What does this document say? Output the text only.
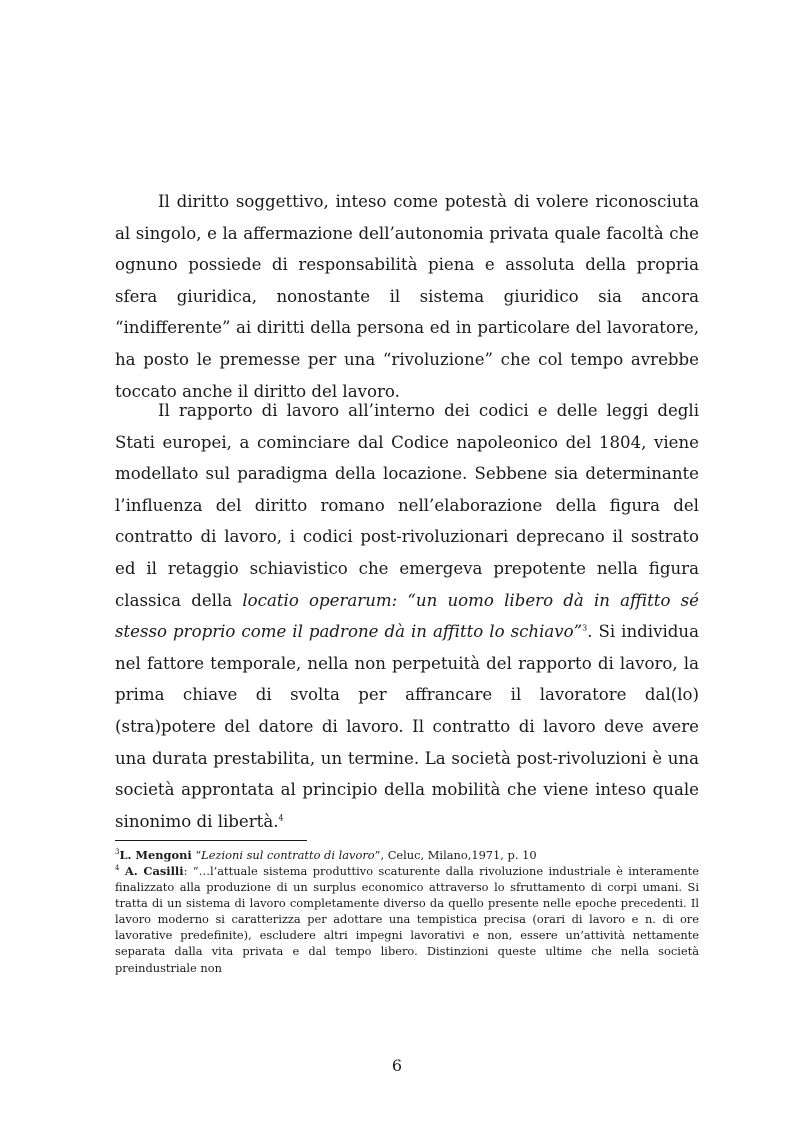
Il diritto soggettivo, inteso come potestà di volere riconosciuta al singolo, e la affermazione dell’autonomia privata quale facoltà che ognuno possiede di responsabilità piena e assoluta della propria sfera giuridica, nonostante il sistema giuridico sia ancora “indifferente” ai diritti della persona ed in particolare del lavoratore, ha posto le premesse per una “rivoluzione” che col tempo avrebbe toccato anche il diritto del lavoro.

Il rapporto di lavoro all’interno dei codici e delle leggi degli Stati europei, a cominciare dal Codice napoleonico del 1804, viene modellato sul paradigma della locazione. Sebbene sia determinante l’influenza del diritto romano nell’elaborazione della figura del contratto di lavoro, i codici post-rivoluzionari deprecano il sostrato ed il retaggio schiavistico che emergeva prepotente nella figura classica della locatio operarum: “un uomo libero dà in affitto sé stesso proprio come il padrone dà in affitto lo schiavo”$^3$. Si individua nel fattore temporale, nella non perpetuità del rapporto di lavoro, la prima chiave di svolta per affrancare il lavoratore dal(lo) (stra)potere del datore di lavoro. Il contratto di lavoro deve avere una durata prestabilita, un termine. La società post-rivoluzioni è una società approntata al principio della mobilità che viene inteso quale sinonimo di libertà.$^4$

$^3$L. Mengoni “Lezioni sul contratto di lavoro”, Celuc, Milano,1971, p. 10

$^4$ A. Casilli: “…l’attuale sistema produttivo scaturente dalla rivoluzione industriale è interamente finalizzato alla produzione di un surplus economico attraverso lo sfruttamento di corpi umani. Si tratta di un sistema di lavoro completamente diverso da quello presente nelle epoche precedenti. Il lavoro moderno si caratterizza per adottare una tempistica precisa (orari di lavoro e n. di ore lavorative predefinite), escludere altri impegni lavorativi e non, essere un’attività nettamente separata dalla vita privata e dal tempo libero. Distinzioni queste ultime che nella società preindustriale non

6
